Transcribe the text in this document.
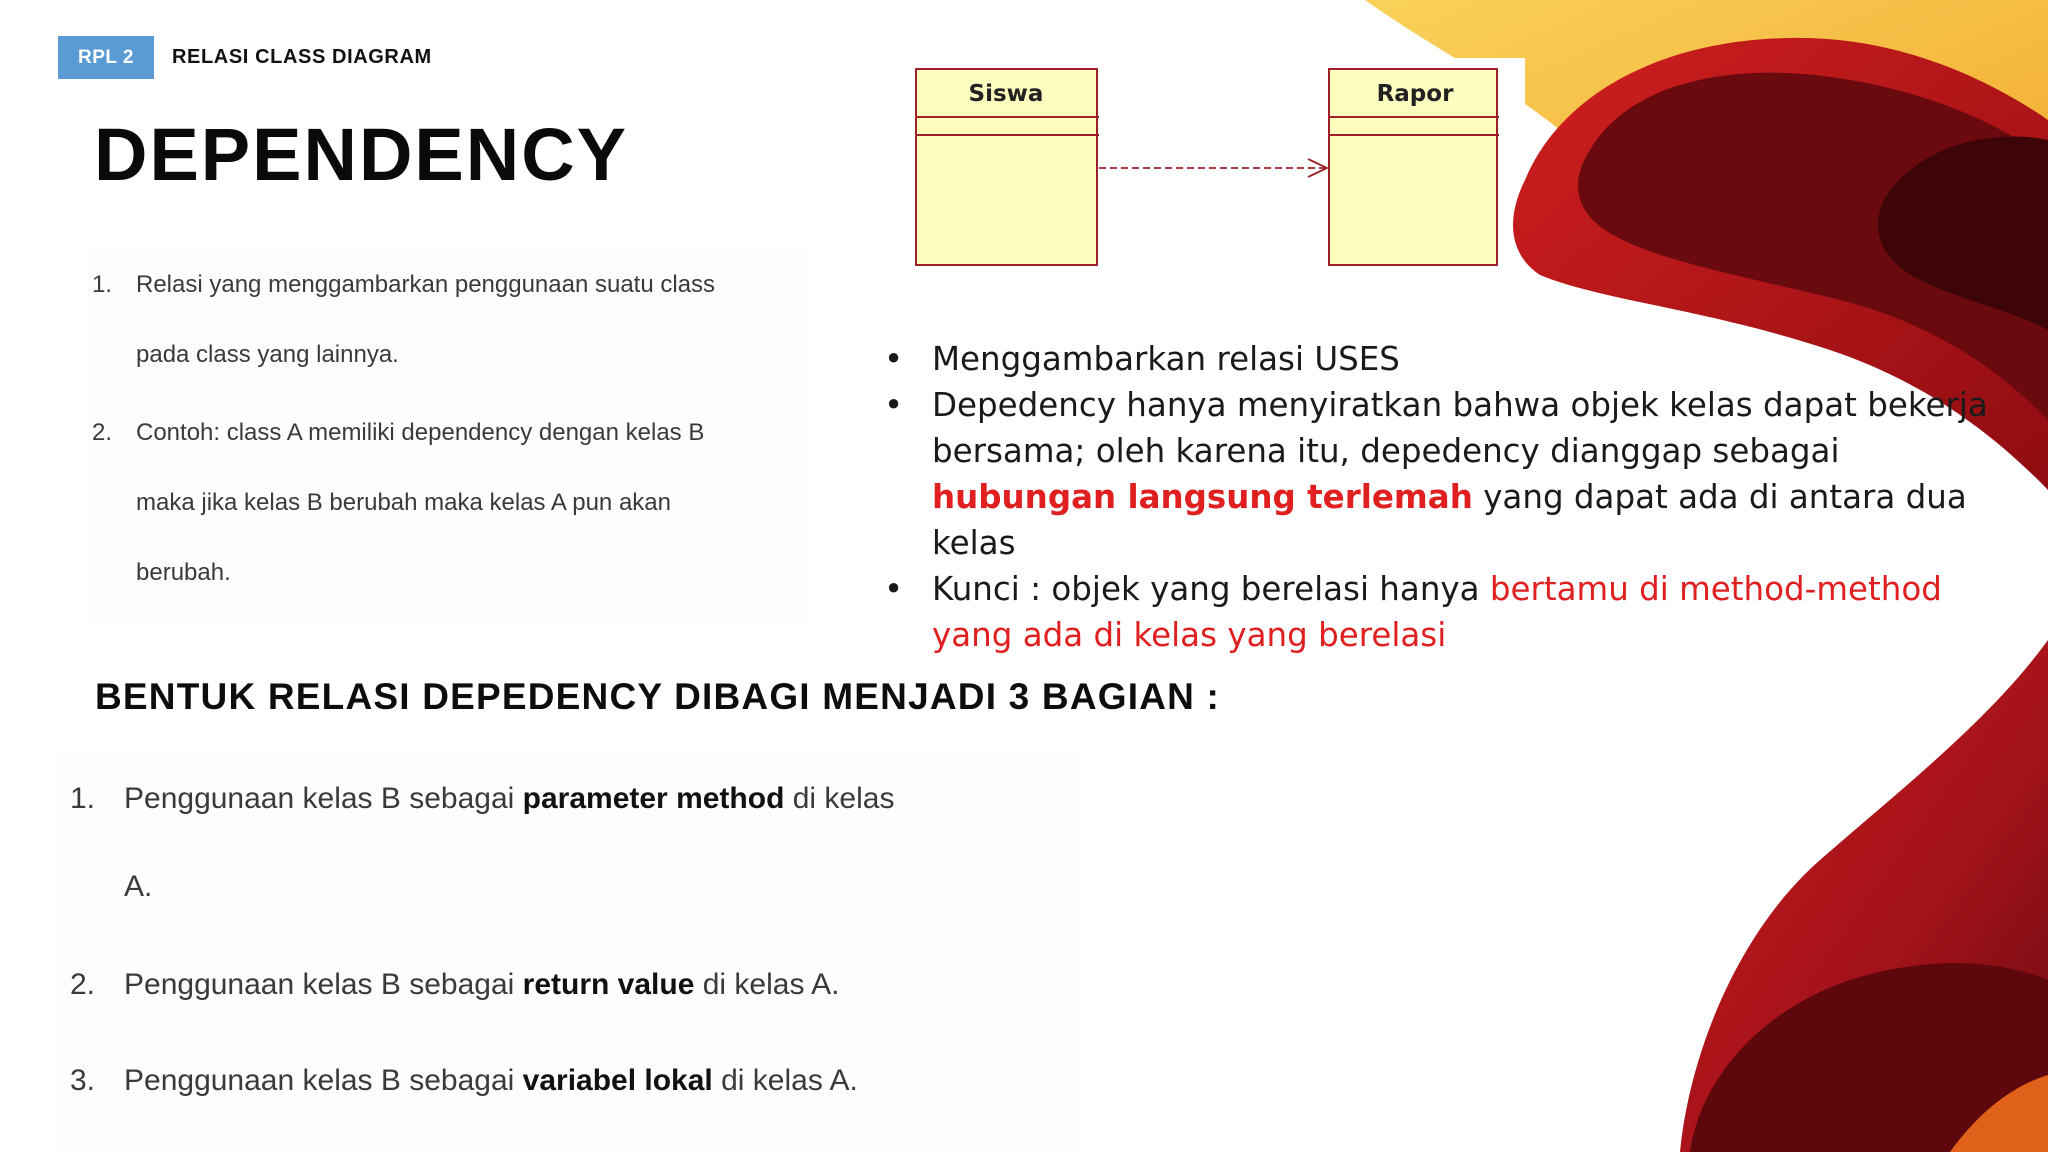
RPL 2	RELASI CLASS DIAGRAM
DEPENDENCY
1. Relasi yang menggambarkan penggunaan suatu class
pada class yang lainnya.
2. Contoh: class A memiliki dependency dengan kelas B
maka jika kelas B berubah maka kelas A pun akan
berubah.
Siswa	Rapor
• Menggambarkan relasi USES
• Depedency hanya menyiratkan bahwa objek kelas dapat bekerja bersama; oleh karena itu, depedency dianggap sebagai hubungan langsung terlemah yang dapat ada di antara dua kelas
• Kunci : objek yang berelasi hanya bertamu di method-method yang ada di kelas yang berelasi
BENTUK RELASI DEPEDENCY DIBAGI MENJADI 3 BAGIAN :
1. Penggunaan kelas B sebagai parameter method di kelas
A.
2. Penggunaan kelas B sebagai return value di kelas A.
3. Penggunaan kelas B sebagai variabel lokal di kelas A.
